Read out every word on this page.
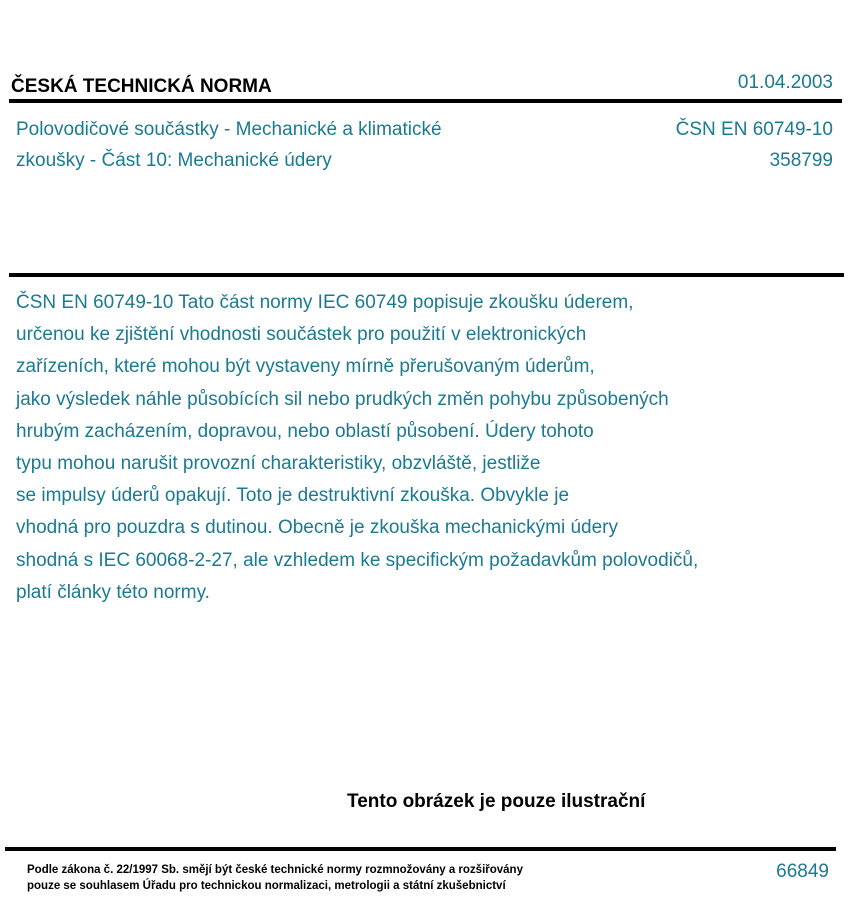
ČESKÁ TECHNICKÁ NORMA	01.04.2003
Polovodičové součástky - Mechanické a klimatické
zkoušky - Část 10: Mechanické údery
ČSN EN 60749-10
358799
ČSN EN 60749-10 Tato část normy IEC 60749 popisuje zkoušku úderem,
určenou ke zjištění vhodnosti součástek pro použití v elektronických
zařízeních, které mohou být vystaveny mírně přerušovaným úderům,
jako výsledek náhle působících sil nebo prudkých změn pohybu způsobených
hrubým zacházením, dopravou, nebo oblastí působení. Údery tohoto
typu mohou narušit provozní charakteristiky, obzvláště, jestliže
se impulsy úderů opakují. Toto je destruktivní zkouška. Obvykle je
vhodná pro pouzdra s dutinou. Obecně je zkouška mechanickými údery
shodná s IEC 60068-2-27, ale vzhledem ke specifickým požadavkům polovodičů,
platí články této normy.
Tento obrázek je pouze ilustrační
Podle zákona č. 22/1997 Sb. smějí být české technické normy rozmnožovány a rozšiřovány
pouze se souhlasem Úřadu pro technickou normalizaci, metrologii a státní zkušebnictví
66849
